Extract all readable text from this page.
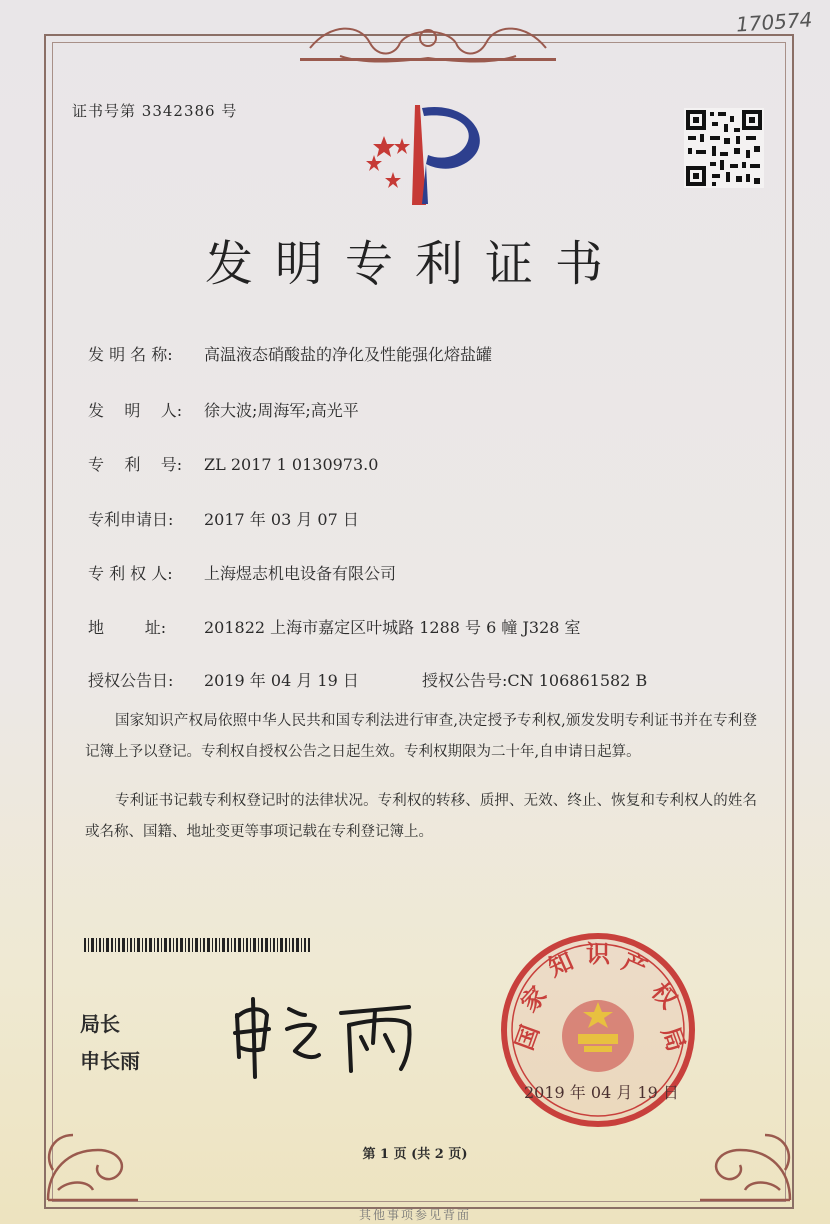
170574
证书号第 3342386 号
发明专利证书
发 明 名 称: 高温液态硝酸盐的净化及性能强化熔盐罐
发    明    人: 徐大波;周海军;高光平
专    利    号: ZL 2017 1 0130973.0
专利申请日: 2017 年 03 月 07 日
专 利 权 人: 上海煜志机电设备有限公司
地        址: 201822 上海市嘉定区叶城路 1288 号 6 幢 J328 室
授权公告日: 2019 年 04 月 19 日	授权公告号:CN 106861582 B
国家知识产权局依照中华人民共和国专利法进行审查,决定授予专利权,颁发发明专利证书并在专利登记簿上予以登记。专利权自授权公告之日起生效。专利权期限为二十年,自申请日起算。
专利证书记载专利权登记时的法律状况。专利权的转移、质押、无效、终止、恢复和专利权人的姓名或名称、国籍、地址变更等事项记载在专利登记簿上。
局长
申长雨
国
家
知 识 产
权
局
2019 年 04 月 19 日
第 1 页 (共 2 页)
其他事项参见背面
